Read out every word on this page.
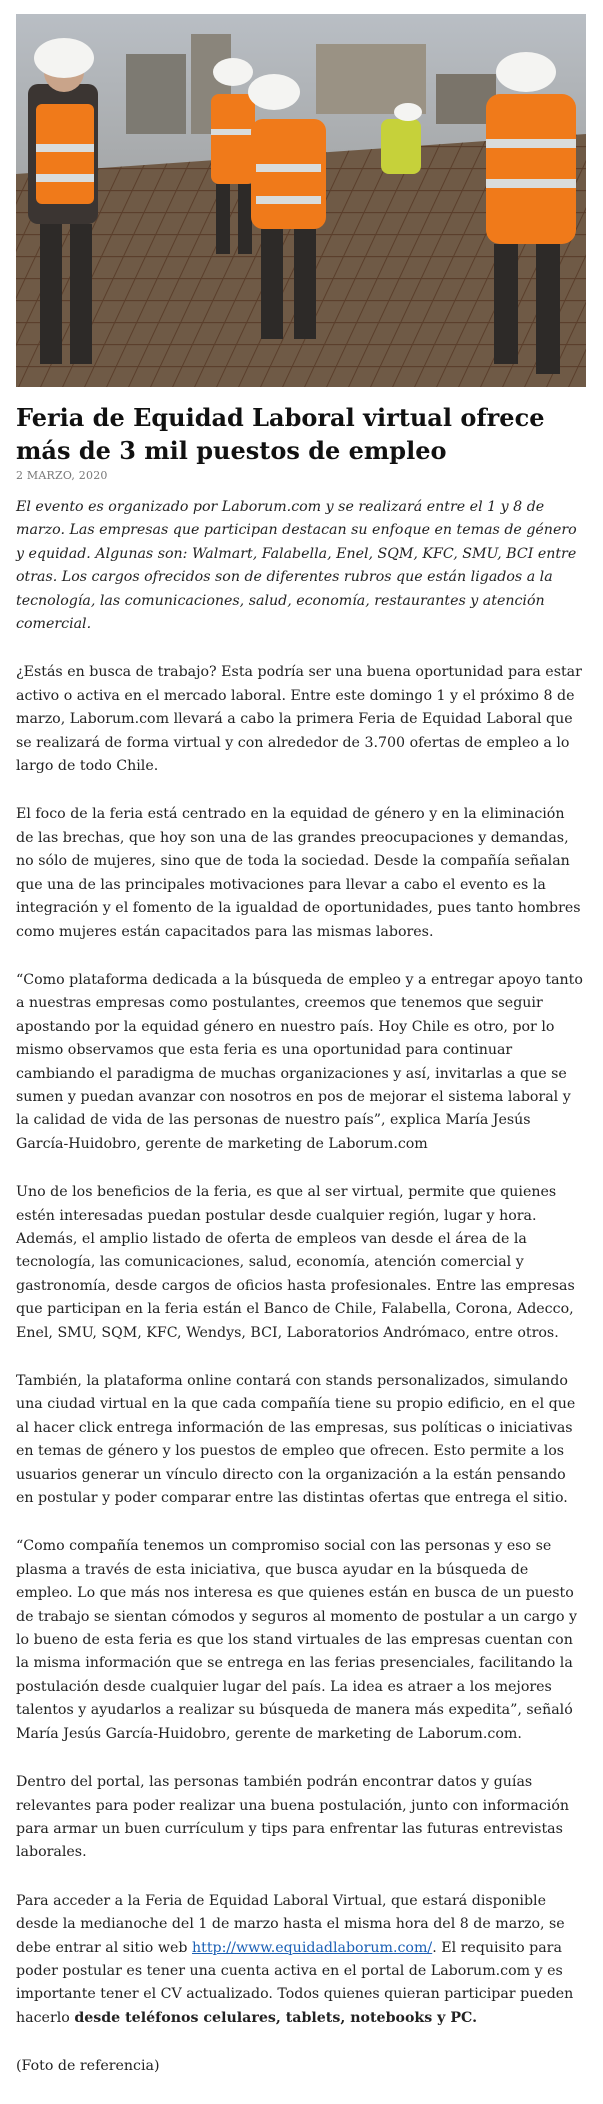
Feria de Equidad Laboral virtual ofrece más de 3 mil puestos de empleo
2 MARZO, 2020

El evento es organizado por Laborum.com y se realizará entre el 1 y 8 de marzo. Las empresas que participan destacan su enfoque en temas de género y equidad. Algunas son: Walmart, Falabella, Enel, SQM, KFC, SMU, BCI entre otras. Los cargos ofrecidos son de diferentes rubros que están ligados a la tecnología, las comunicaciones, salud, economía, restaurantes y atención comercial.

¿Estás en busca de trabajo? Esta podría ser una buena oportunidad para estar activo o activa en el mercado laboral. Entre este domingo 1 y el próximo 8 de marzo, Laborum.com llevará a cabo la primera Feria de Equidad Laboral que se realizará de forma virtual y con alrededor de 3.700 ofertas de empleo a lo largo de todo Chile.

El foco de la feria está centrado en la equidad de género y en la eliminación de las brechas, que hoy son una de las grandes preocupaciones y demandas, no sólo de mujeres, sino que de toda la sociedad. Desde la compañía señalan que una de las principales motivaciones para llevar a cabo el evento es la integración y el fomento de la igualdad de oportunidades, pues tanto hombres como mujeres están capacitados para las mismas labores.

“Como plataforma dedicada a la búsqueda de empleo y a entregar apoyo tanto a nuestras empresas como postulantes, creemos que tenemos que seguir apostando por la equidad género en nuestro país. Hoy Chile es otro, por lo mismo observamos que esta feria es una oportunidad para continuar cambiando el paradigma de muchas organizaciones y así, invitarlas a que se sumen y puedan avanzar con nosotros en pos de mejorar el sistema laboral y la calidad de vida de las personas de nuestro país”, explica María Jesús García-Huidobro, gerente de marketing de Laborum.com

Uno de los beneficios de la feria, es que al ser virtual, permite que quienes estén interesadas puedan postular desde cualquier región, lugar y hora. Además, el amplio listado de oferta de empleos van desde el área de la tecnología, las comunicaciones, salud, economía, atención comercial y gastronomía, desde cargos de oficios hasta profesionales. Entre las empresas que participan en la feria están el Banco de Chile, Falabella, Corona, Adecco, Enel, SMU, SQM, KFC, Wendys, BCI, Laboratorios Andrómaco, entre otros.

También, la plataforma online contará con stands personalizados, simulando una ciudad virtual en la que cada compañía tiene su propio edificio, en el que al hacer click entrega información de las empresas, sus políticas o iniciativas en temas de género y los puestos de empleo que ofrecen. Esto permite a los usuarios generar un vínculo directo con la organización a la están pensando en postular y poder comparar entre las distintas ofertas que entrega el sitio.

“Como compañía tenemos un compromiso social con las personas y eso se plasma a través de esta iniciativa, que busca ayudar en la búsqueda de empleo. Lo que más nos interesa es que quienes están en busca de un puesto de trabajo se sientan cómodos y seguros al momento de postular a un cargo y lo bueno de esta feria es que los stand virtuales de las empresas cuentan con la misma información que se entrega en las ferias presenciales, facilitando la postulación desde cualquier lugar del país. La idea es atraer a los mejores talentos y ayudarlos a realizar su búsqueda de manera más expedita”, señaló María Jesús García-Huidobro, gerente de marketing de Laborum.com.

Dentro del portal, las personas también podrán encontrar datos y guías relevantes para poder realizar una buena postulación, junto con información para armar un buen currículum y tips para enfrentar las futuras entrevistas laborales.

Para acceder a la Feria de Equidad Laboral Virtual, que estará disponible desde la medianoche del 1 de marzo hasta el misma hora del 8 de marzo, se debe entrar al sitio web http://www.equidadlaborum.com/. El requisito para poder postular es tener una cuenta activa en el portal de Laborum.com y es importante tener el CV actualizado. Todos quienes quieran participar pueden hacerlo desde teléfonos celulares, tablets, notebooks y PC.

(Foto de referencia)
